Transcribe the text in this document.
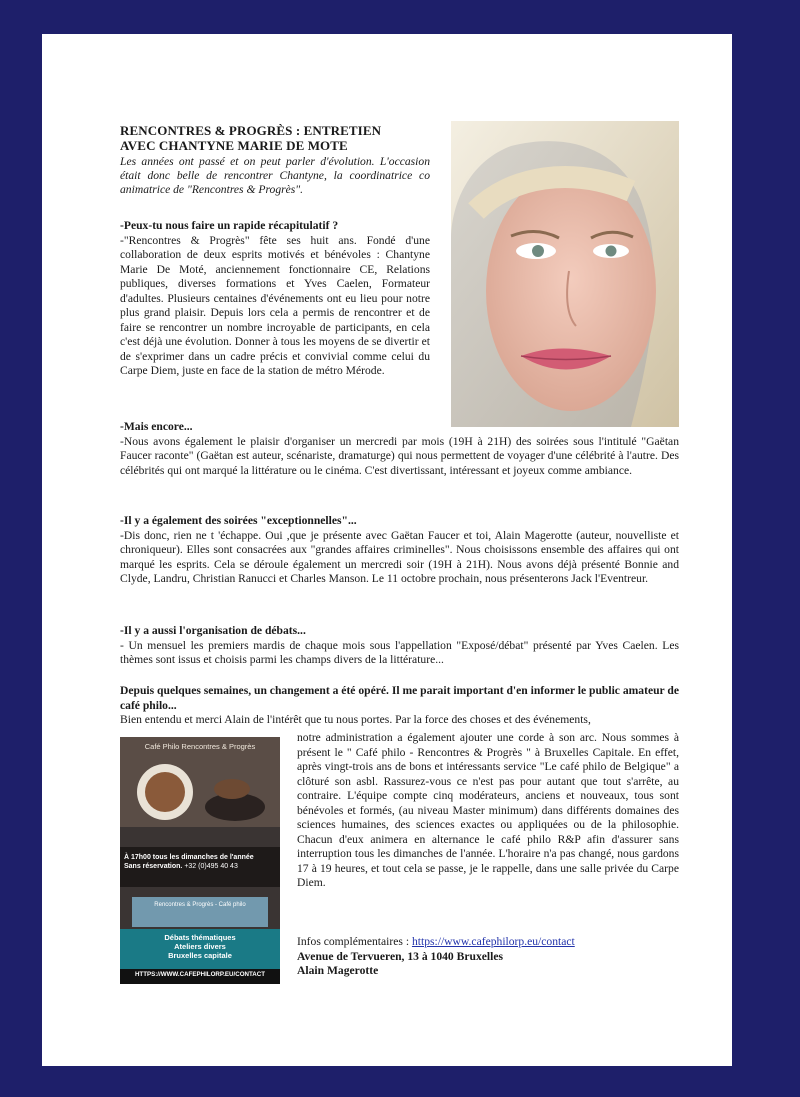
RENCONTRES & PROGRÈS : ENTRETIEN
AVEC CHANTYNE MARIE DE MOTE
Les années ont passé et on peut parler d'évolution. L'occasion était donc belle de rencontrer Chantyne, la coordinatrice co animatrice de "Rencontres & Progrès".
-Peux-tu nous faire un rapide récapitulatif ?
-"Rencontres & Progrès" fête ses huit ans. Fondé d'une collaboration de deux esprits motivés et bénévoles : Chantyne Marie De Moté, anciennement fonctionnaire CE, Relations publiques, diverses formations et Yves Caelen, Formateur d'adultes. Plusieurs centaines d'événements ont eu lieu pour notre plus grand plaisir. Depuis lors cela a permis de rencontrer et de faire se rencontrer un nombre incroyable de participants, en cela c'est déjà une évolution. Donner à tous les moyens de se divertir et de s'exprimer dans un cadre précis et convivial comme celui du Carpe Diem, juste en face de la station de métro Mérode.
-Mais encore...
-Nous avons également le plaisir d'organiser un mercredi par mois (19H à 21H) des soirées sous l'intitulé "Gaëtan Faucer raconte" (Gaëtan est auteur, scénariste, dramaturge) qui nous permettent de voyager d'une célébrité à l'autre. Des célébrités qui ont marqué la littérature ou le cinéma. C'est divertissant, intéressant et joyeux comme ambiance.
-Il y a également des soirées "exceptionnelles"...
-Dis donc, rien ne t 'échappe. Oui ,que je présente avec Gaëtan Faucer et toi, Alain Magerotte (auteur, nouvelliste et chroniqueur). Elles sont consacrées aux "grandes affaires criminelles". Nous choisissons ensemble des affaires qui ont marqué les esprits. Cela se déroule également un mercredi soir (19H à 21H). Nous avons déjà présenté Bonnie and Clyde, Landru, Christian Ranucci et Charles Manson. Le 11 octobre prochain, nous présenterons Jack l'Eventreur.
-Il y a aussi l'organisation de débats...
- Un mensuel les premiers mardis de chaque mois sous l'appellation "Exposé/débat" présenté par Yves Caelen. Les thèmes sont issus et choisis parmi les champs divers de la littérature...
Depuis quelques semaines, un changement a été opéré. Il me parait important d'en informer le public amateur de café philo...
Bien entendu et merci Alain de l'intérêt que tu nous portes. Par la force des choses et des événements,
Café Philo Rencontres & Progrès
À 17h00 tous les dimanches de l'année
Sans réservation. +32 (0)495 40 43
Rencontres & Progrès - Café philo
Débats thématiques
Ateliers divers
Bruxelles capitale
HTTPS://WWW.CAFEPHILORP.EU/CONTACT
notre administration a également ajouter une corde à son arc. Nous sommes à présent le " Café philo - Rencontres & Progrès " à Bruxelles Capitale. En effet, après vingt-trois ans de bons et intéressants service "Le café philo de Belgique" a clôturé son asbl. Rassurez-vous ce n'est pas pour autant que tout s'arrête, au contraire. L'équipe compte cinq modérateurs, anciens et nouveaux, tous sont bénévoles et formés, (au niveau Master minimum) dans différents domaines des sciences humaines, des sciences exactes ou appliquées ou de la philosophie. Chacun d'eux animera en alternance le café philo R&P afin d'assurer sans interruption tous les dimanches de l'année. L'horaire n'a pas changé, nous gardons 17 à 19 heures, et tout cela se passe, je le rappelle, dans une salle privée du Carpe Diem.
Infos complémentaires : https://www.cafephilorp.eu/contact
Avenue de Tervueren, 13 à 1040 Bruxelles
Alain Magerotte
